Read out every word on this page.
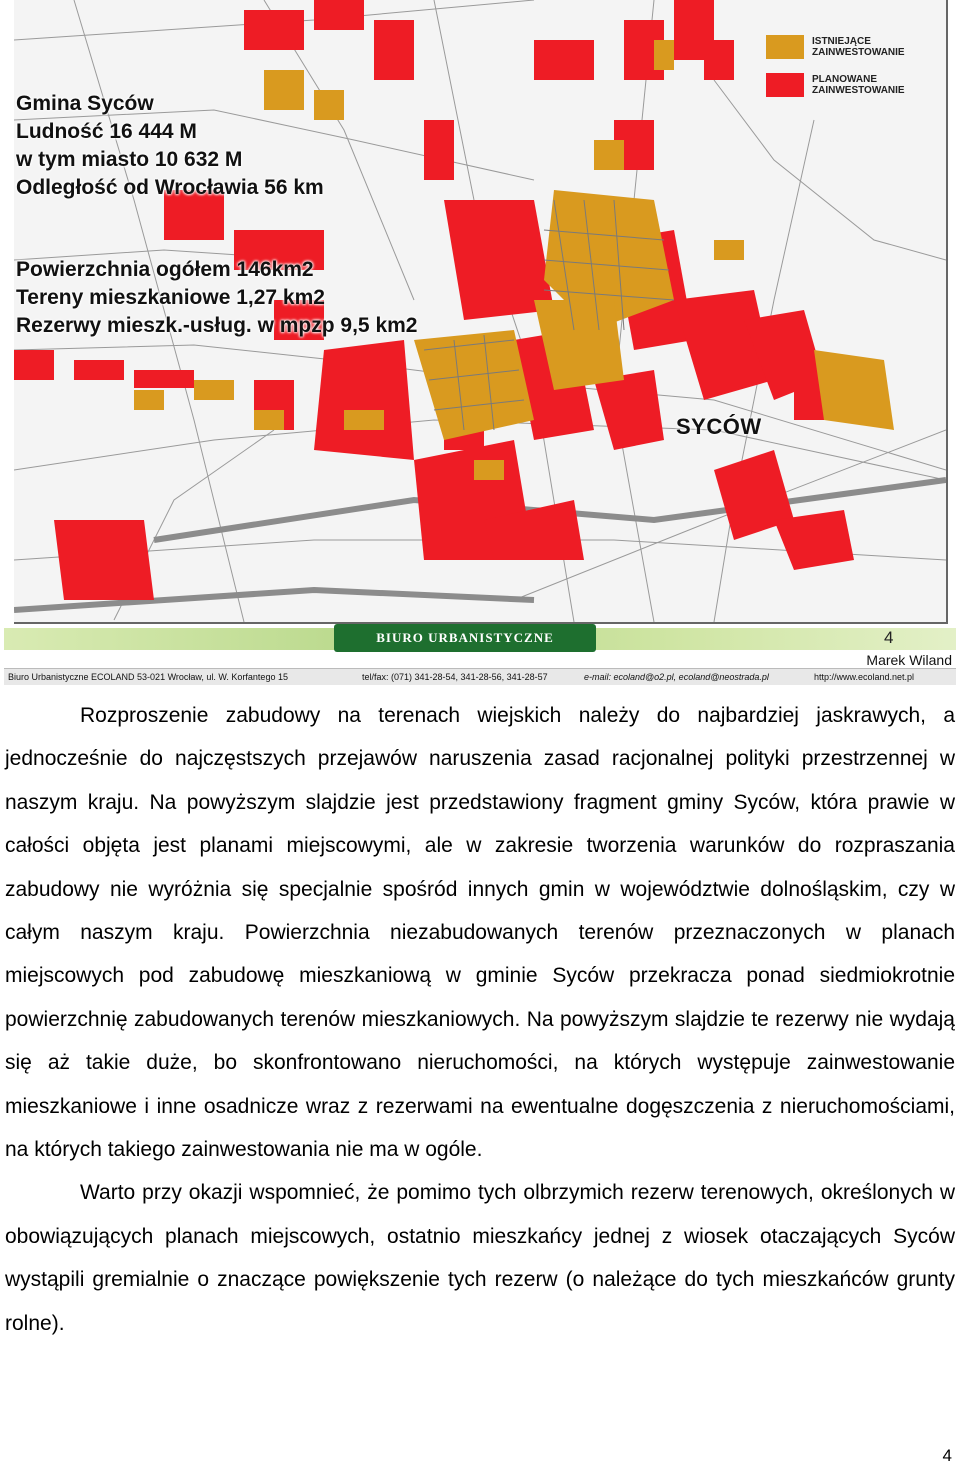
Gmina Syców
Ludność 16 444 M
w tym miasto 10 632 M
Odległość od Wrocławia 56 km
Powierzchnia ogółem 146km2
Tereny mieszkaniowe 1,27 km2
Rezerwy mieszk.-usług. w mpzp 9,5 km2
ISTNIEJĄCE ZAINWESTOWANIE
PLANOWANE ZAINWESTOWANIE
SYCÓW
BIURO URBANISTYCZNE	4
Marek Wiland
Biuro Urbanistyczne ECOLAND 53-021 Wrocław, ul. W. Korfantego 15	tel/fax: (071) 341-28-54, 341-28-56, 341-28-57	e-mail: ecoland@o2.pl, ecoland@neostrada.pl	http://www.ecoland.net.pl

Rozproszenie zabudowy na terenach wiejskich należy do najbardziej jaskrawych, a jednocześnie do najczęstszych przejawów naruszenia zasad racjonalnej polityki przestrzennej w naszym kraju. Na powyższym slajdzie jest przedstawiony fragment gminy Syców, która prawie w całości objęta jest planami miejscowymi, ale w zakresie tworzenia warunków do rozpraszania zabudowy nie wyróżnia się specjalnie spośród innych gmin w województwie dolnośląskim, czy w całym naszym kraju. Powierzchnia niezabudowanych terenów przeznaczonych w planach miejscowych pod zabudowę mieszkaniową w gminie Syców przekracza ponad siedmiokrotnie powierzchnię zabudowanych terenów mieszkaniowych. Na powyższym slajdzie te rezerwy nie wydają się aż takie duże, bo skonfrontowano nieruchomości, na których występuje zainwestowanie mieszkaniowe i inne osadnicze wraz z rezerwami na ewentualne dogęszczenia z nieruchomościami, na których takiego zainwestowania nie ma w ogóle.

Warto przy okazji wspomnieć, że pomimo tych olbrzymich rezerw terenowych, określonych w obowiązujących planach miejscowych, ostatnio mieszkańcy jednej z wiosek otaczających Syców wystąpili gremialnie o znaczące powiększenie tych rezerw (o należące do tych mieszkańców grunty rolne).

4
